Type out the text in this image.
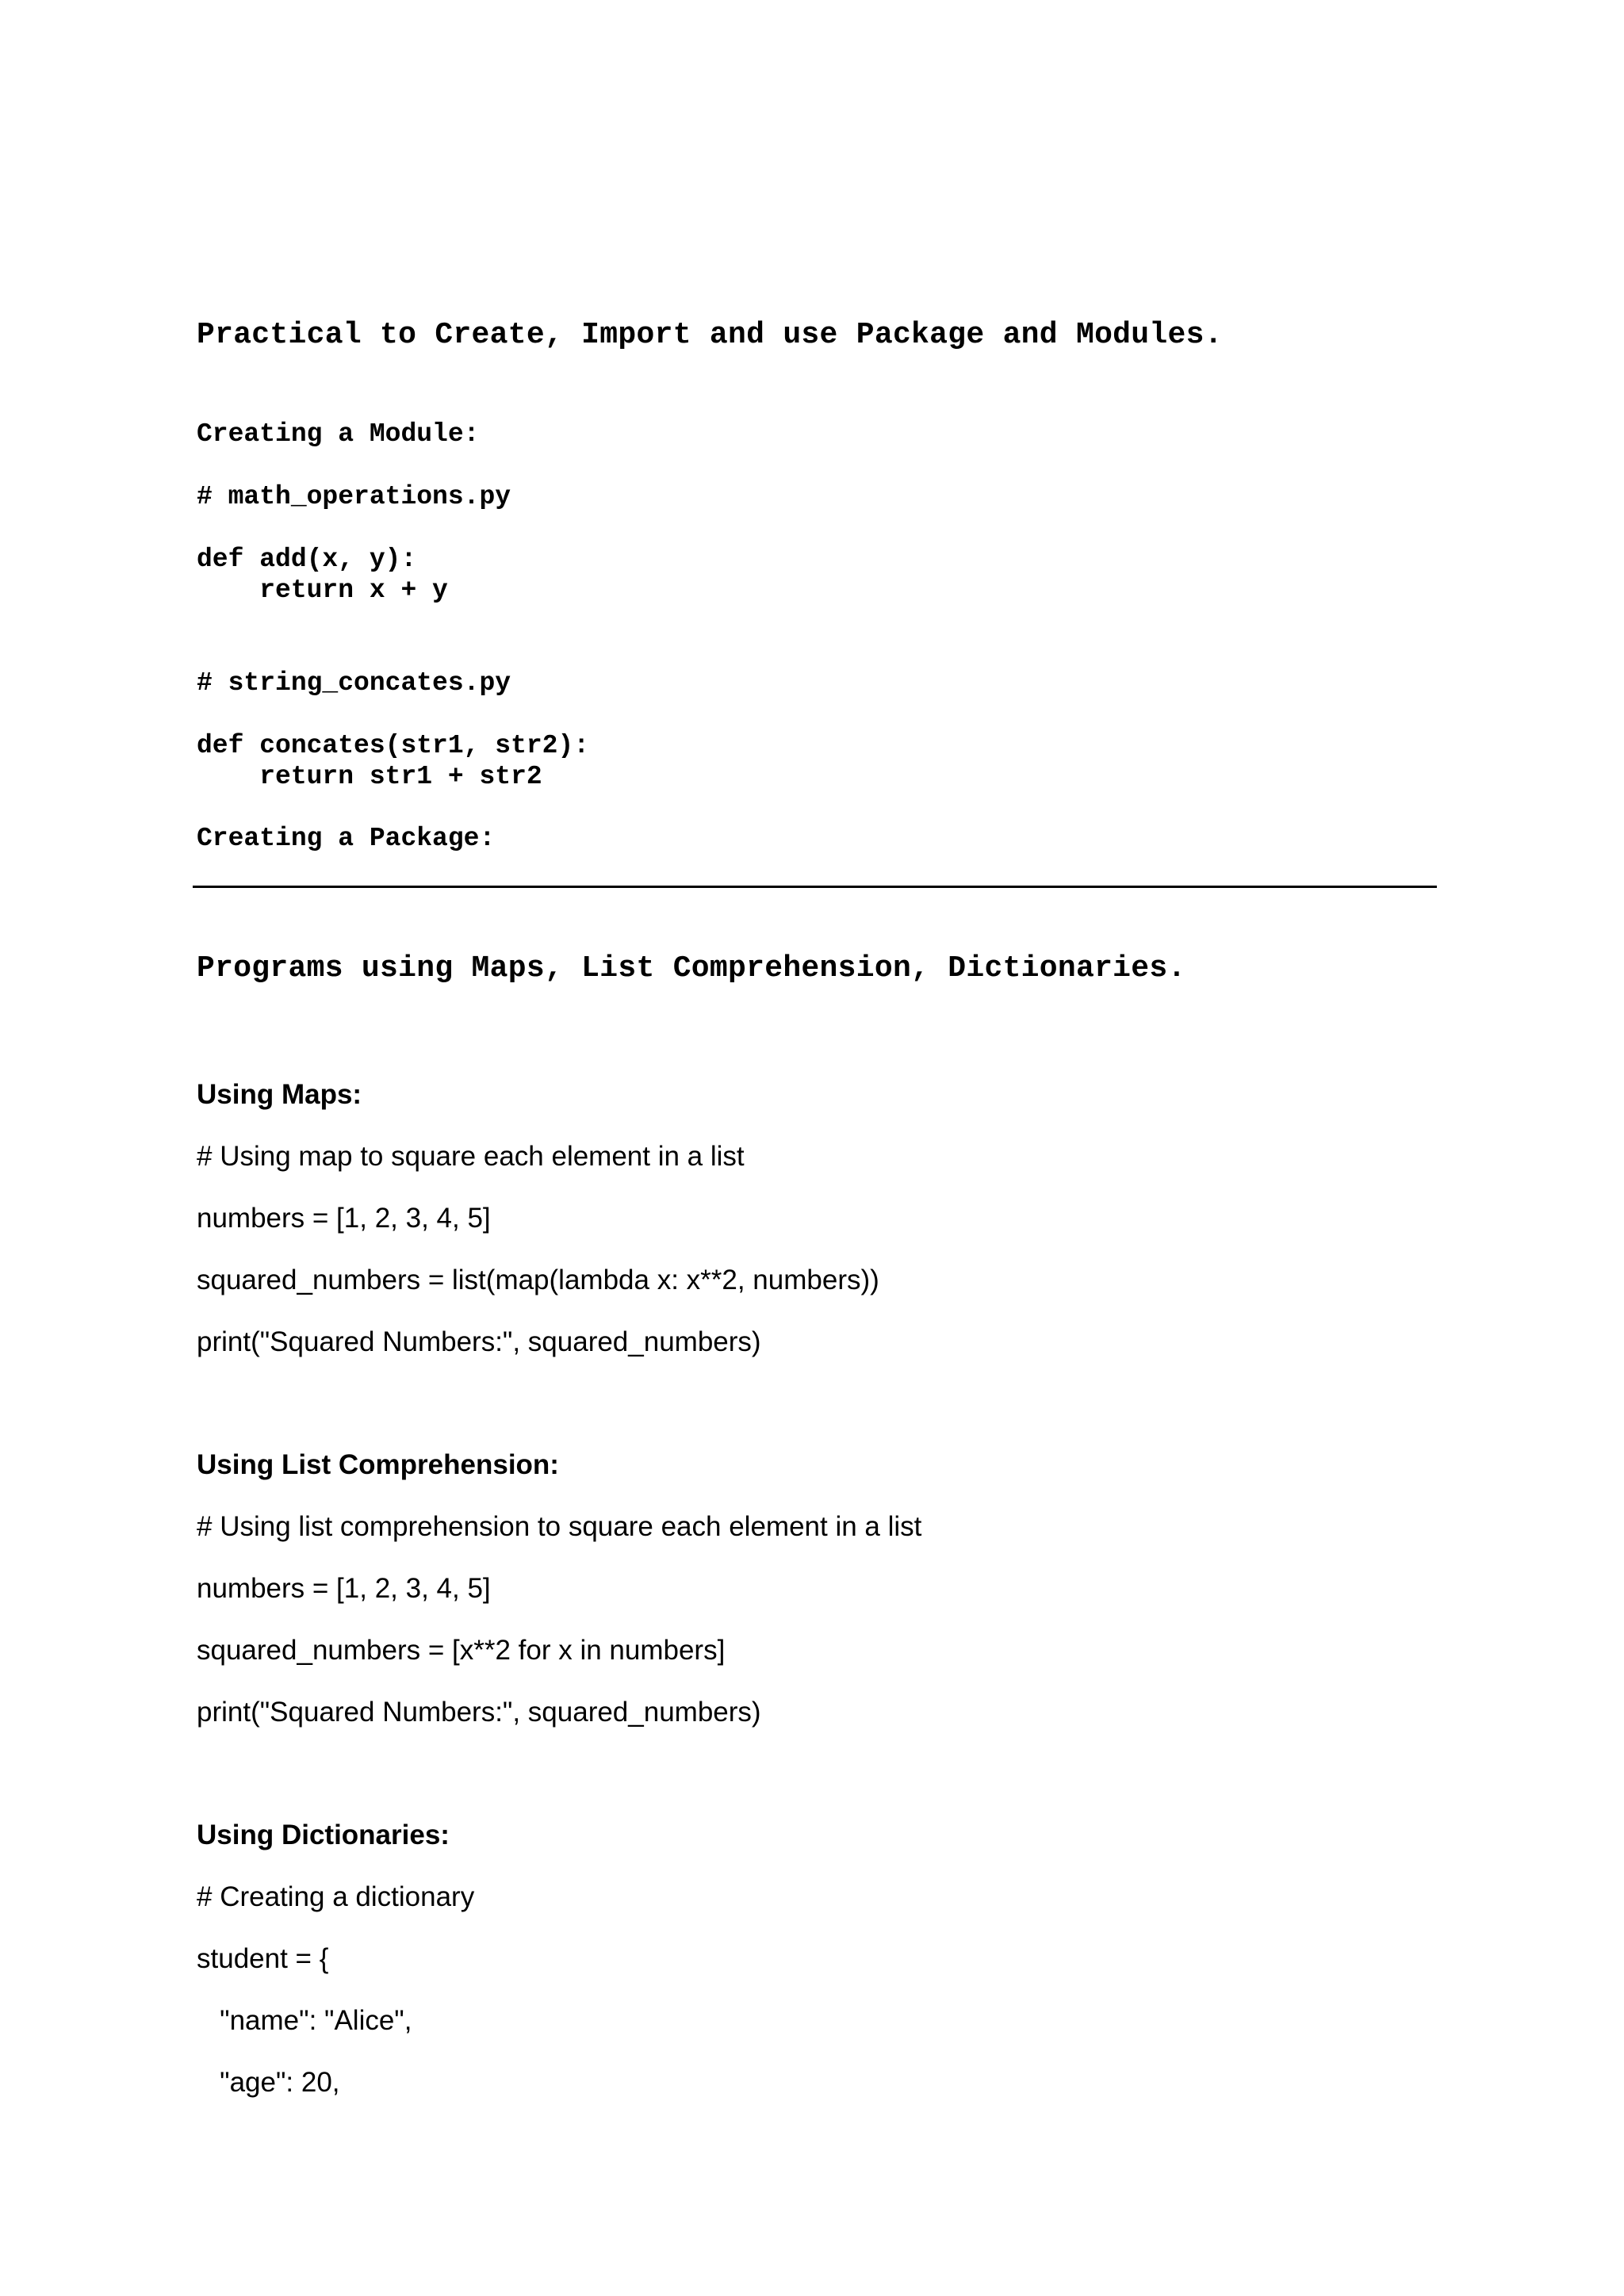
Practical to Create, Import and use Package and Modules.
Creating a Module:
# math_operations.py
def add(x, y):
return x + y
# string_concates.py
def concates(str1, str2):
return str1 + str2
Creating a Package:
Programs using Maps, List Comprehension, Dictionaries.
Using Maps:
# Using map to square each element in a list
numbers = [1, 2, 3, 4, 5]
squared_numbers = list(map(lambda x: x**2, numbers))
print("Squared Numbers:", squared_numbers)
Using List Comprehension:
# Using list comprehension to square each element in a list
numbers = [1, 2, 3, 4, 5]
squared_numbers = [x**2 for x in numbers]
print("Squared Numbers:", squared_numbers)
Using Dictionaries:
# Creating a dictionary
student = {
"name": "Alice",
"age": 20,
